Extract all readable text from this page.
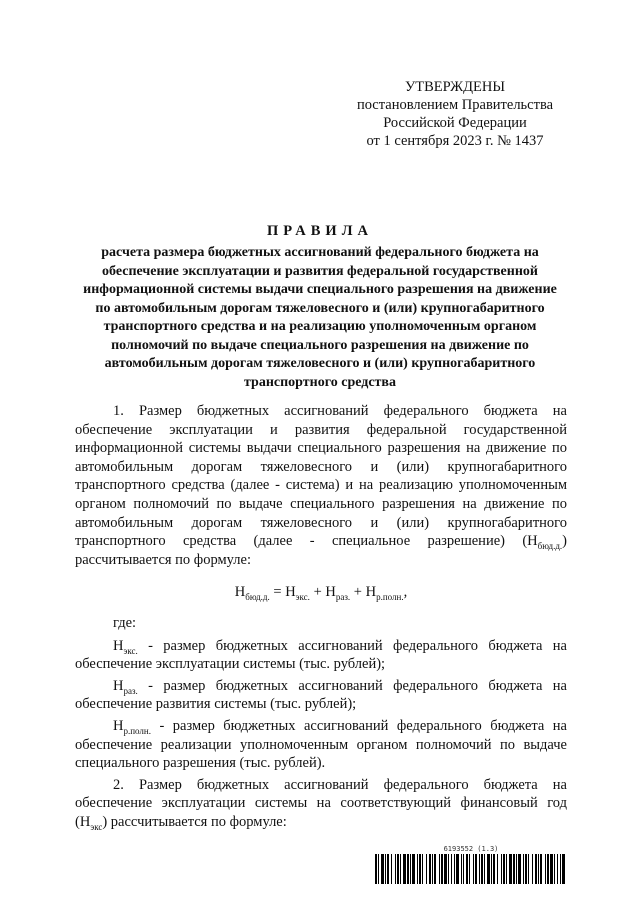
УТВЕРЖДЕНЫ
постановлением Правительства
Российской Федерации
от 1 сентября 2023 г. № 1437
ПРАВИЛА
расчета размера бюджетных ассигнований федерального бюджета на обеспечение эксплуатации и развития федеральной государственной информационной системы выдачи специального разрешения на движение по автомобильным дорогам тяжеловесного и (или) крупногабаритного транспортного средства и на реализацию уполномоченным органом полномочий по выдаче специального разрешения на движение по автомобильным дорогам тяжеловесного и (или) крупногабаритного транспортного средства

1. Размер бюджетных ассигнований федерального бюджета на обеспечение эксплуатации и развития федеральной государственной информационной системы выдачи специального разрешения на движение по автомобильным дорогам тяжеловесного и (или) крупногабаритного транспортного средства (далее - система) и на реализацию уполномоченным органом полномочий по выдаче специального разрешения на движение по автомобильным дорогам тяжеловесного и (или) крупногабаритного транспортного средства (далее - специальное разрешение) $(Н_{бюд.д.})$ рассчитывается по формуле:

$Н_{бюд.д.} = Н_{экс.} + Н_{раз.} + Н_{р.полн.}$,

где:

$Н_{экс.}$ - размер бюджетных ассигнований федерального бюджета на обеспечение эксплуатации системы (тыс. рублей);

$Н_{раз.}$ - размер бюджетных ассигнований федерального бюджета на обеспечение развития системы (тыс. рублей);

$Н_{р.полн.}$ - размер бюджетных ассигнований федерального бюджета на обеспечение реализации уполномоченным органом полномочий по выдаче специального разрешения (тыс. рублей).

2. Размер бюджетных ассигнований федерального бюджета на обеспечение эксплуатации системы на соответствующий финансовый год $(Н_{экс})$ рассчитывается по формуле:

6193552 (1.3)
